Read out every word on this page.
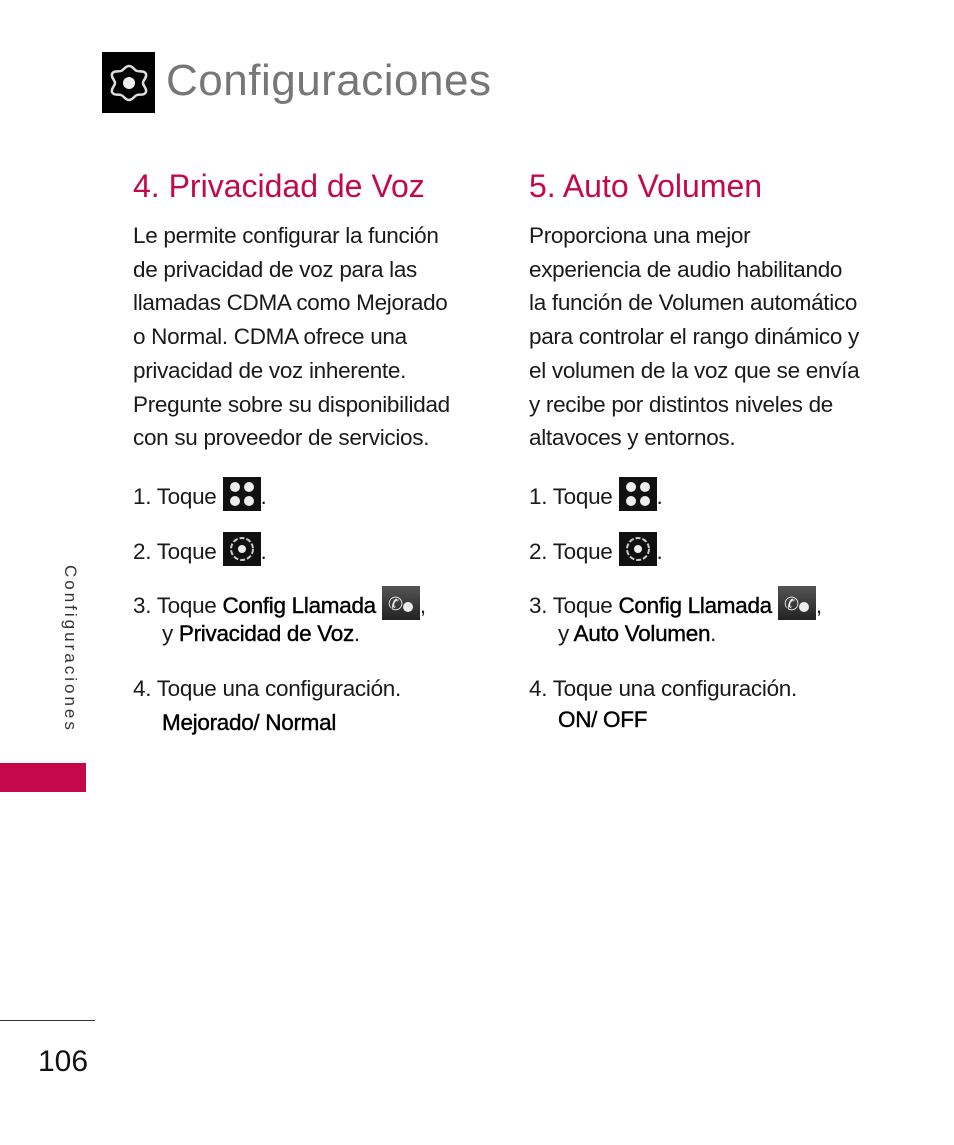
Configuraciones
4. Privacidad de Voz
Le permite configurar la función
de privacidad de voz para las
llamadas CDMA como Mejorado
o Normal. CDMA ofrece una
privacidad de voz inherente.
Pregunte sobre su disponibilidad
con su proveedor de servicios.
1. Toque .
2. Toque .
3. Toque Config Llamada ✆ ,
y Privacidad de Voz.
4. Toque una configuración.
Mejorado/ Normal
5. Auto Volumen
Proporciona una mejor
experiencia de audio habilitando
la función de Volumen automático
para controlar el rango dinámico y
el volumen de la voz que se envía
y recibe por distintos niveles de
altavoces y entornos.
1. Toque .
2. Toque .
3. Toque Config Llamada ✆ ,
y Auto Volumen.
4. Toque una configuración.
ON/ OFF
Configuraciones
106
